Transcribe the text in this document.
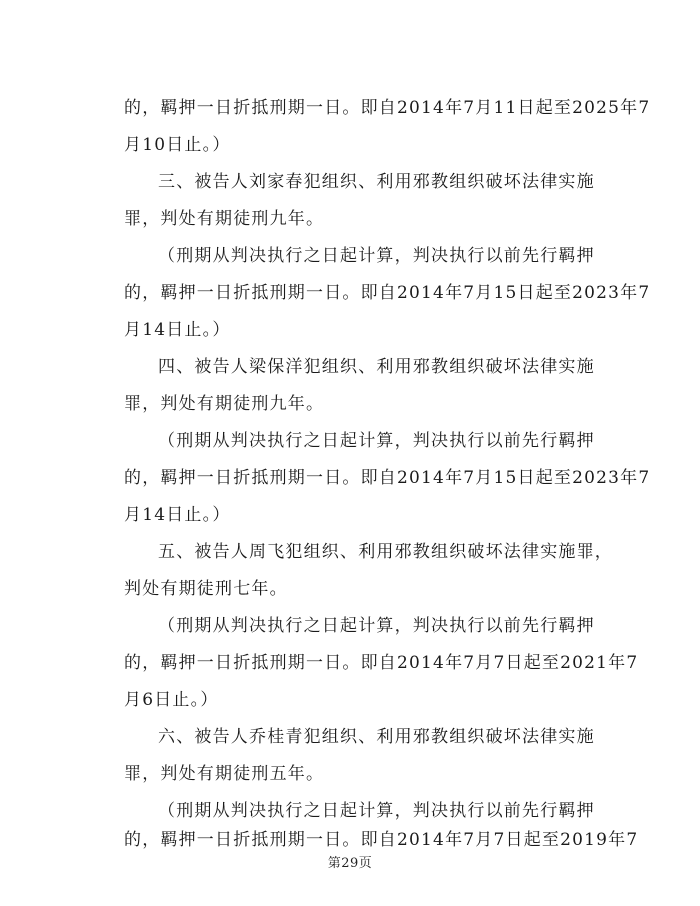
的，羁押一日折抵刑期一日。即自2014年7月11日起至2025年7
月10日止。）
三、被告人刘家春犯组织、利用邪教组织破坏法律实施
罪，判处有期徒刑九年。
（刑期从判决执行之日起计算，判决执行以前先行羁押
的，羁押一日折抵刑期一日。即自2014年7月15日起至2023年7
月14日止。）
四、被告人梁保洋犯组织、利用邪教组织破坏法律实施
罪，判处有期徒刑九年。
（刑期从判决执行之日起计算，判决执行以前先行羁押
的，羁押一日折抵刑期一日。即自2014年7月15日起至2023年7
月14日止。）
五、被告人周飞犯组织、利用邪教组织破坏法律实施罪，
判处有期徒刑七年。
（刑期从判决执行之日起计算，判决执行以前先行羁押
的，羁押一日折抵刑期一日。即自2014年7月7日起至2021年7
月6日止。）
六、被告人乔桂青犯组织、利用邪教组织破坏法律实施
罪，判处有期徒刑五年。
（刑期从判决执行之日起计算，判决执行以前先行羁押
的，羁押一日折抵刑期一日。即自2014年7月7日起至2019年7
第29页
